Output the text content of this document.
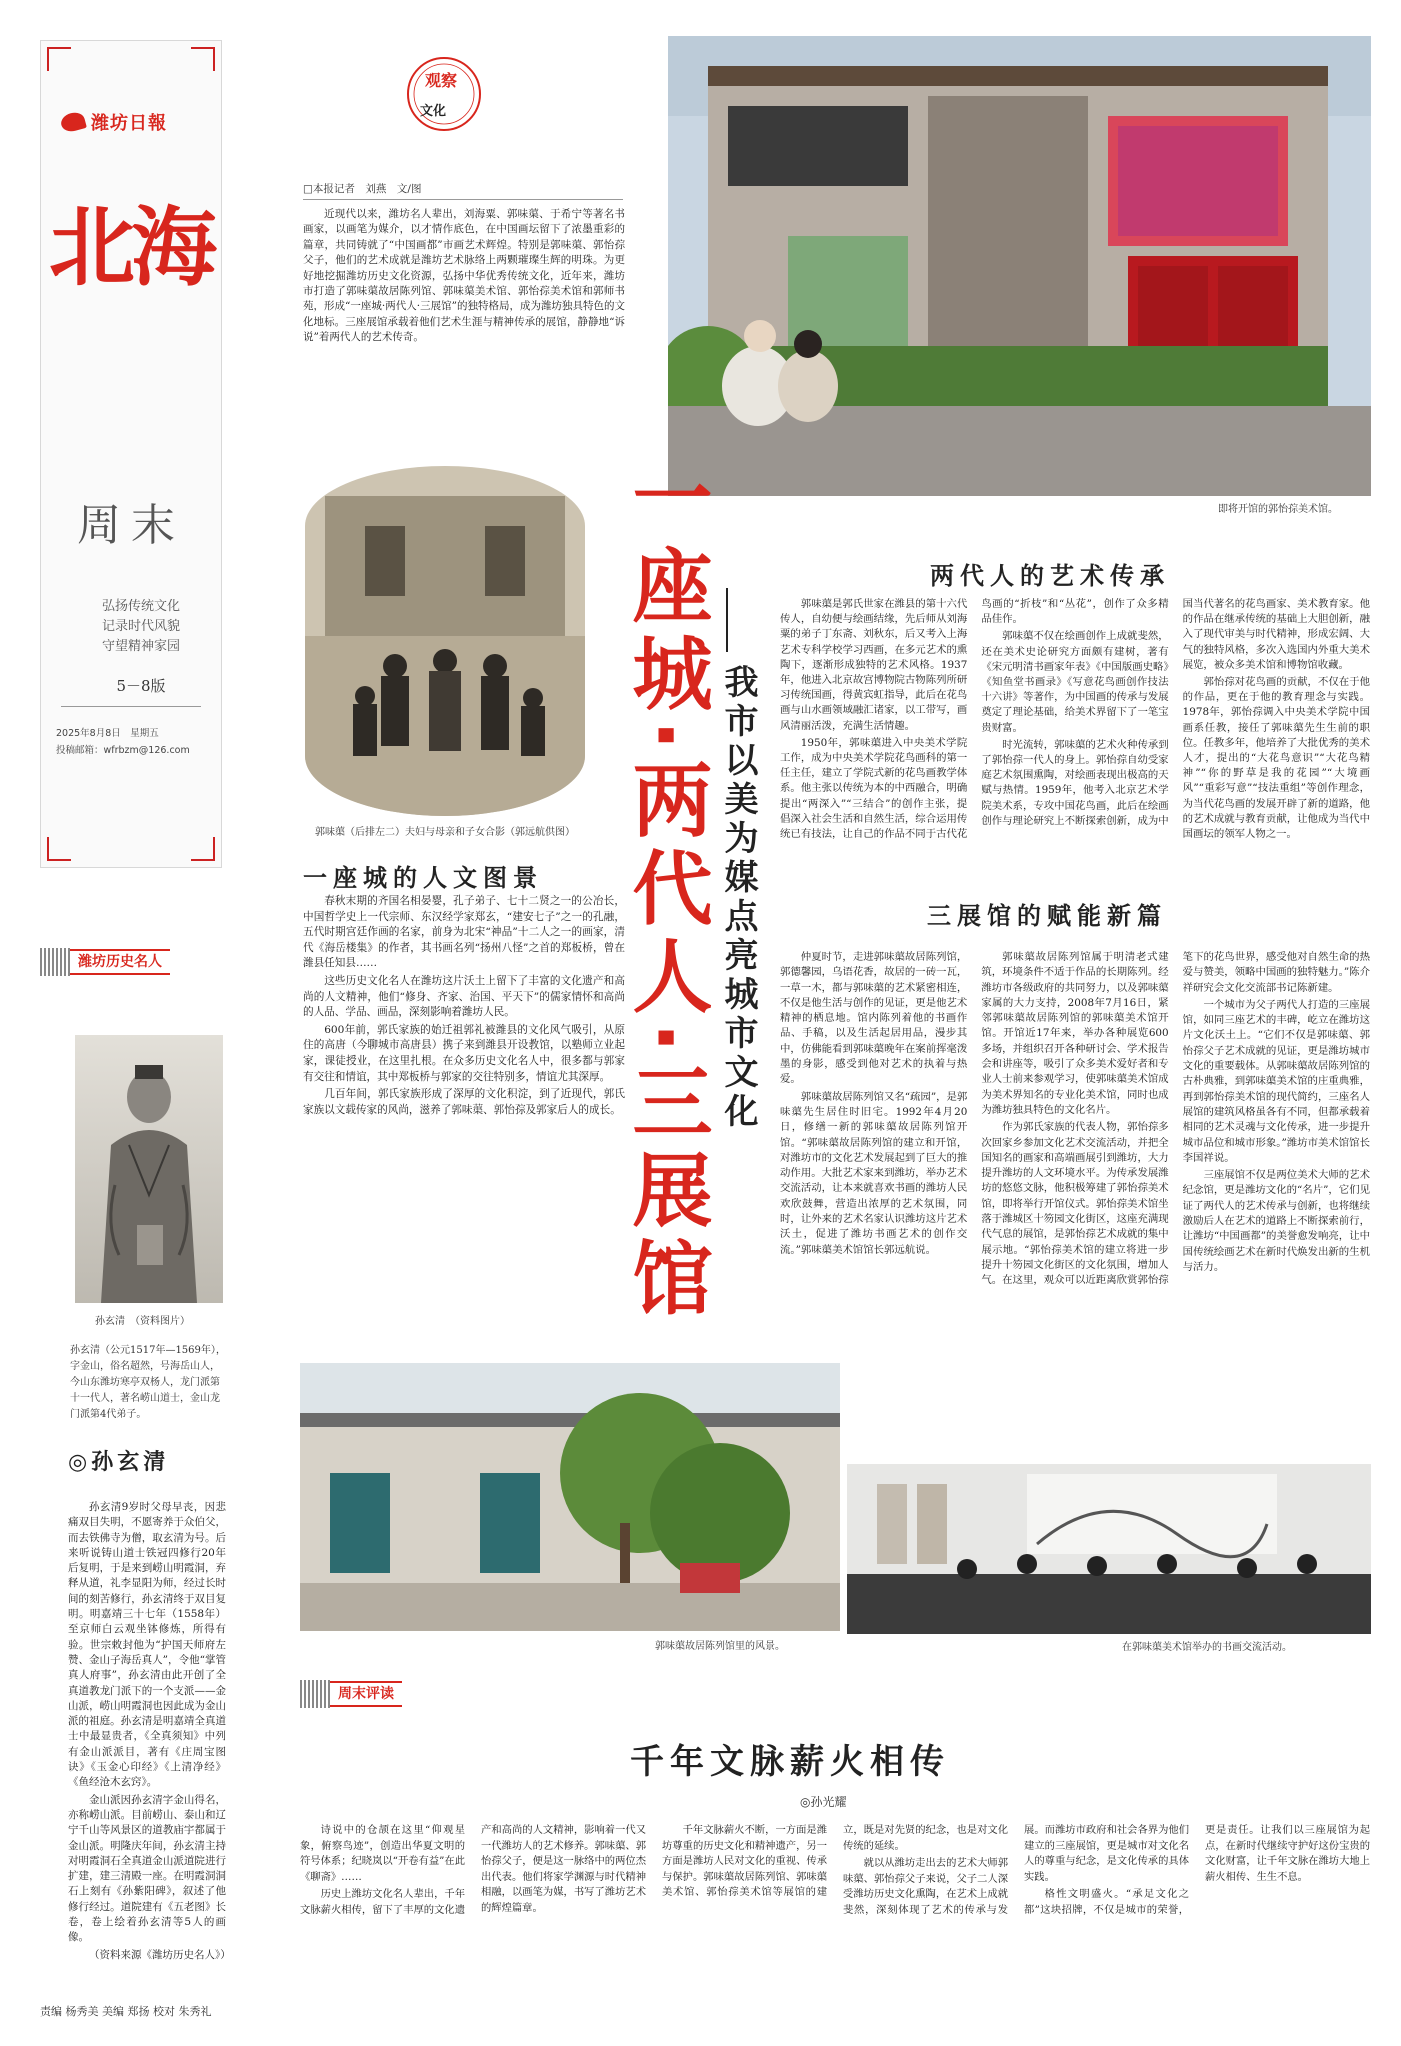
潍坊日報
北海
周末
弘扬传统文化
记录时代风貌
守望精神家园
5－8版
2025年8月8日　星期五
投稿邮箱：wfrbzm@126.com
潍坊历史名人
孙玄清　（资料图片）
孙玄清（公元1517年—1569年），字金山，俗名超然，号海岳山人，今山东潍坊寒亭双杨人，龙门派第十一代人，著名崂山道士，金山龙门派第4代弟子。
◎孙玄清

孙玄清9岁时父母早丧，因悲痛双目失明，不愿寄养于众伯父，而去铁佛寺为僧，取玄清为号。后来听说铸山道士铁冠四修行20年后复明，于是来到崂山明霞洞，弃释从道，礼李显阳为师，经过长时间的刻苦修行，孙玄清终于双目复明。明嘉靖三十七年（1558年）至京师白云观坐钵修炼，所得有验。世宗敕封他为“护国天师府左赞、金山子海岳真人”，令他“掌管真人府事”，孙玄清由此开创了全真道教龙门派下的一个支派——金山派，崂山明霞洞也因此成为金山派的祖庭。孙玄清是明嘉靖全真道士中最显贵者，《全真须知》中列有金山派派目，著有《庄周宝图诀》《玉金心印经》《上清净经》《鱼经沧木玄窍》。

金山派因孙玄清字金山得名，亦称崂山派。目前崂山、泰山和辽宁千山等风景区的道教庙宇都属于金山派。明隆庆年间，孙玄清主持对明霞洞石全真道金山派道院进行扩建，建三清殿一座。在明霞洞洞石上刻有《孙紫阳碑》，叙述了他修行经过。道院建有《五老图》长卷，卷上绘着孙玄清等5人的画像。

（资料来源《潍坊历史名人》）

责编 杨秀美 美编 郑扬 校对 朱秀礼
观察
文化
□本报记者　刘燕　文/图

近现代以来，潍坊名人辈出，刘海粟、郭味蕖、于希宁等著名书画家，以画笔为媒介，以才情作底色，在中国画坛留下了浓墨重彩的篇章，共同铸就了“中国画都”市画艺术辉煌。特别是郭味蕖、郭怡孮父子，他们的艺术成就是潍坊艺术脉络上两颗璀璨生辉的明珠。为更好地挖掘潍坊历史文化资源，弘扬中华优秀传统文化，近年来，潍坊市打造了郭味蕖故居陈列馆、郭味蕖美术馆、郭怡孮美术馆和郭师书苑，形成“一座城·两代人·三展馆”的独特格局，成为潍坊独具特色的文化地标。三座展馆承载着他们艺术生涯与精神传承的展馆，静静地“诉说”着两代人的艺术传奇。

即将开馆的郭怡孮美术馆。
郭味蕖（后排左二）夫妇与母亲和子女合影（郭远航供图） 一座城·两代人·三展馆 我市以美为媒点亮城市文化
一座城的人文图景

春秋末期的齐国名相晏婴，孔子弟子、七十二贤之一的公冶长，中国哲学史上一代宗师、东汉经学家郑玄，“建安七子”之一的孔融，五代时期宫廷作画的名家，前身为北宋“神品”十二人之一的画家，清代《海岳楼集》的作者，其书画名列“扬州八怪”之首的郑板桥，曾在潍县任知县……

这些历史文化名人在潍坊这片沃土上留下了丰富的文化遗产和高尚的人文精神，他们“修身、齐家、治国、平天下”的儒家情怀和高尚的人品、学品、画品，深刻影响着潍坊人民。

600年前，郭氏家族的始迁祖郭礼被潍县的文化风气吸引，从原住的高唐（今聊城市高唐县）携子来到潍县开设教馆，以塾师立业起家，课徒授业，在这里扎根。在众多历史文化名人中，很多都与郭家有交往和情谊，其中郑板桥与郭家的交往特别多，情谊尤其深厚。

几百年间，郭氏家族形成了深厚的文化积淀，到了近现代，郭氏家族以文载传家的风尚，滋养了郭味蕖、郭怡孮及郭家后人的成长。

两代人的艺术传承

郭味蕖是郭氏世家在潍县的第十六代传人，自幼便与绘画结缘，先后师从刘海粟的弟子丁东斋、刘秋东，后又考入上海艺术专科学校学习西画，在多元艺术的熏陶下，逐渐形成独特的艺术风格。1937年，他进入北京故宫博物院古物陈列所研习传统国画，得黄宾虹指导，此后在花鸟画与山水画领域融汇诸家，以工带写，画风清丽活泼，充满生活情趣。

1950年，郭味蕖进入中央美术学院工作，成为中央美术学院花鸟画科的第一任主任，建立了学院式新的花鸟画教学体系。他主张以传统为本的中西融合，明确提出“两深入”“三结合”的创作主张，提倡深入社会生活和自然生活，综合运用传统已有技法，让自己的作品不同于古代花鸟画的“折枝”和“丛花”，创作了众多精品佳作。

郭味蕖不仅在绘画创作上成就斐然，还在美术史论研究方面颇有建树，著有《宋元明清书画家年表》《中国版画史略》《知鱼堂书画录》《写意花鸟画创作技法十六讲》等著作，为中国画的传承与发展奠定了理论基础，给美术界留下了一笔宝贵财富。

时光流转，郭味蕖的艺术火种传承到了郭怡孮一代人的身上。郭怡孮自幼受家庭艺术氛围熏陶，对绘画表现出极高的天赋与热情。1959年，他考入北京艺术学院美术系，专攻中国花鸟画，此后在绘画创作与理论研究上不断探索创新，成为中国当代著名的花鸟画家、美术教育家。他的作品在继承传统的基础上大胆创新，融入了现代审美与时代精神，形成宏阔、大气的独特风格，多次入选国内外重大美术展览，被众多美术馆和博物馆收藏。

郭怡孮对花鸟画的贡献，不仅在于他的作品，更在于他的教育理念与实践。1978年，郭怡孮调入中央美术学院中国画系任教，接任了郭味蕖先生生前的职位。任教多年，他培养了大批优秀的美术人才，提出的“大花鸟意识”“大花鸟精神”“你的野草是我的花园”“大境画风”“重彩写意”“技法重组”等创作理念，为当代花鸟画的发展开辟了新的道路，他的艺术成就与教育贡献，让他成为当代中国画坛的领军人物之一。

三展馆的赋能新篇

仲夏时节，走进郭味蕖故居陈列馆，郭德馨园，乌语花香，故居的一砖一瓦，一草一木，都与郭味蕖的艺术紧密相连，不仅是他生活与创作的见证，更是他艺术精神的栖息地。馆内陈列着他的书画作品、手稿，以及生活起居用品，漫步其中，仿佛能看到郭味蕖晚年在案前挥毫泼墨的身影，感受到他对艺术的执着与热爱。

郭味蕖故居陈列馆又名“疏园”，是郭味蕖先生居住时旧宅。1992年4月20日，修缮一新的郭味蕖故居陈列馆开馆。“郭味蕖故居陈列馆的建立和开馆，对潍坊市的文化艺术发展起到了巨大的推动作用。大批艺术家来到潍坊，举办艺术交流活动，让本来就喜欢书画的潍坊人民欢欣鼓舞，营造出浓厚的艺术氛围，同时，让外来的艺术名家认识潍坊这片艺术沃土，促进了潍坊书画艺术的创作交流。”郭味蕖美术馆馆长郭远航说。

郭味蕖故居陈列馆属于明清老式建筑，环境条件不适于作品的长期陈列。经潍坊市各级政府的共同努力，以及郭味蕖家属的大力支持，2008年7月16日，紧邻郭味蕖故居陈列馆的郭味蕖美术馆开馆。开馆近17年来，举办各种展览600多场，并组织召开各种研讨会、学术报告会和讲座等，吸引了众多美术爱好者和专业人士前来参观学习，使郭味蕖美术馆成为美术界知名的专业化美术馆，同时也成为潍坊独具特色的文化名片。

作为郭氏家族的代表人物，郭怡孮多次回家乡参加文化艺术交流活动，并把全国知名的画家和高端画展引到潍坊，大力提升潍坊的人文环境水平。为传承发展潍坊的悠悠文脉，他积极筹建了郭怡孮美术馆，即将举行开馆仪式。郭怡孮美术馆坐落于潍城区十笏园文化街区，这座充满现代气息的展馆，是郭怡孮艺术成就的集中展示地。“郭怡孮美术馆的建立将进一步提升十笏园文化街区的文化氛围，增加人气。在这里，观众可以近距离欣赏郭怡孮笔下的花鸟世界，感受他对自然生命的热爱与赞美，领略中国画的独特魅力。”陈介祥研究会文化交流部书记陈新建。

一个城市为父子两代人打造的三座展馆，如同三座艺术的丰碑，屹立在潍坊这片文化沃土上。“它们不仅是郭味蕖、郭怡孮父子艺术成就的见证，更是潍坊城市文化的重要载体。从郭味蕖故居陈列馆的古朴典雅，到郭味蕖美术馆的庄重典雅，再到郭怡孮美术馆的现代简约，三座名人展馆的建筑风格虽各有不同，但都承载着相同的艺术灵魂与文化传承，进一步提升城市品位和城市形象。”潍坊市美术馆馆长李国祥说。

三座展馆不仅是两位美术大师的艺术纪念馆，更是潍坊文化的“名片”，它们见证了两代人的艺术传承与创新，也将继续激励后人在艺术的道路上不断探索前行，让潍坊“中国画都”的美誉愈发响亮，让中国传统绘画艺术在新时代焕发出新的生机与活力。

郭味蕖故居陈列馆里的风景。	在郭味蕖美术馆举办的书画交流活动。
周末评读
千年文脉薪火相传
◎孙光耀

诗说中的仓颉在这里“仰观星象，俯察鸟迹”，创造出华夏文明的符号体系；纪晓岚以“开卷有益”在此《聊斋》……

历史上潍坊文化名人辈出，千年文脉薪火相传，留下了丰厚的文化遗产和高尚的人文精神，影响着一代又一代潍坊人的艺术修养。郭味蕖、郭怡孮父子，便是这一脉络中的两位杰出代表。他们将家学渊源与时代精神相融，以画笔为媒，书写了潍坊艺术的辉煌篇章。

千年文脉薪火不断，一方面是潍坊尊重的历史文化和精神遗产，另一方面是潍坊人民对文化的重视、传承与保护。郭味蕖故居陈列馆、郭味蕖美术馆、郭怡孮美术馆等展馆的建立，既是对先贤的纪念，也是对文化传统的延续。

就以从潍坊走出去的艺术大师郭味蕖、郭怡孮父子来说，父子二人深受潍坊历史文化熏陶，在艺术上成就斐然，深刻体现了艺术的传承与发展。而潍坊市政府和社会各界为他们建立的三座展馆，更是城市对文化名人的尊重与纪念，是文化传承的具体实践。

格性文明盛火。“承足文化之都”这块招牌，不仅是城市的荣誉，更是责任。让我们以三座展馆为起点，在新时代继续守护好这份宝贵的文化财富，让千年文脉在潍坊大地上薪火相传、生生不息。
